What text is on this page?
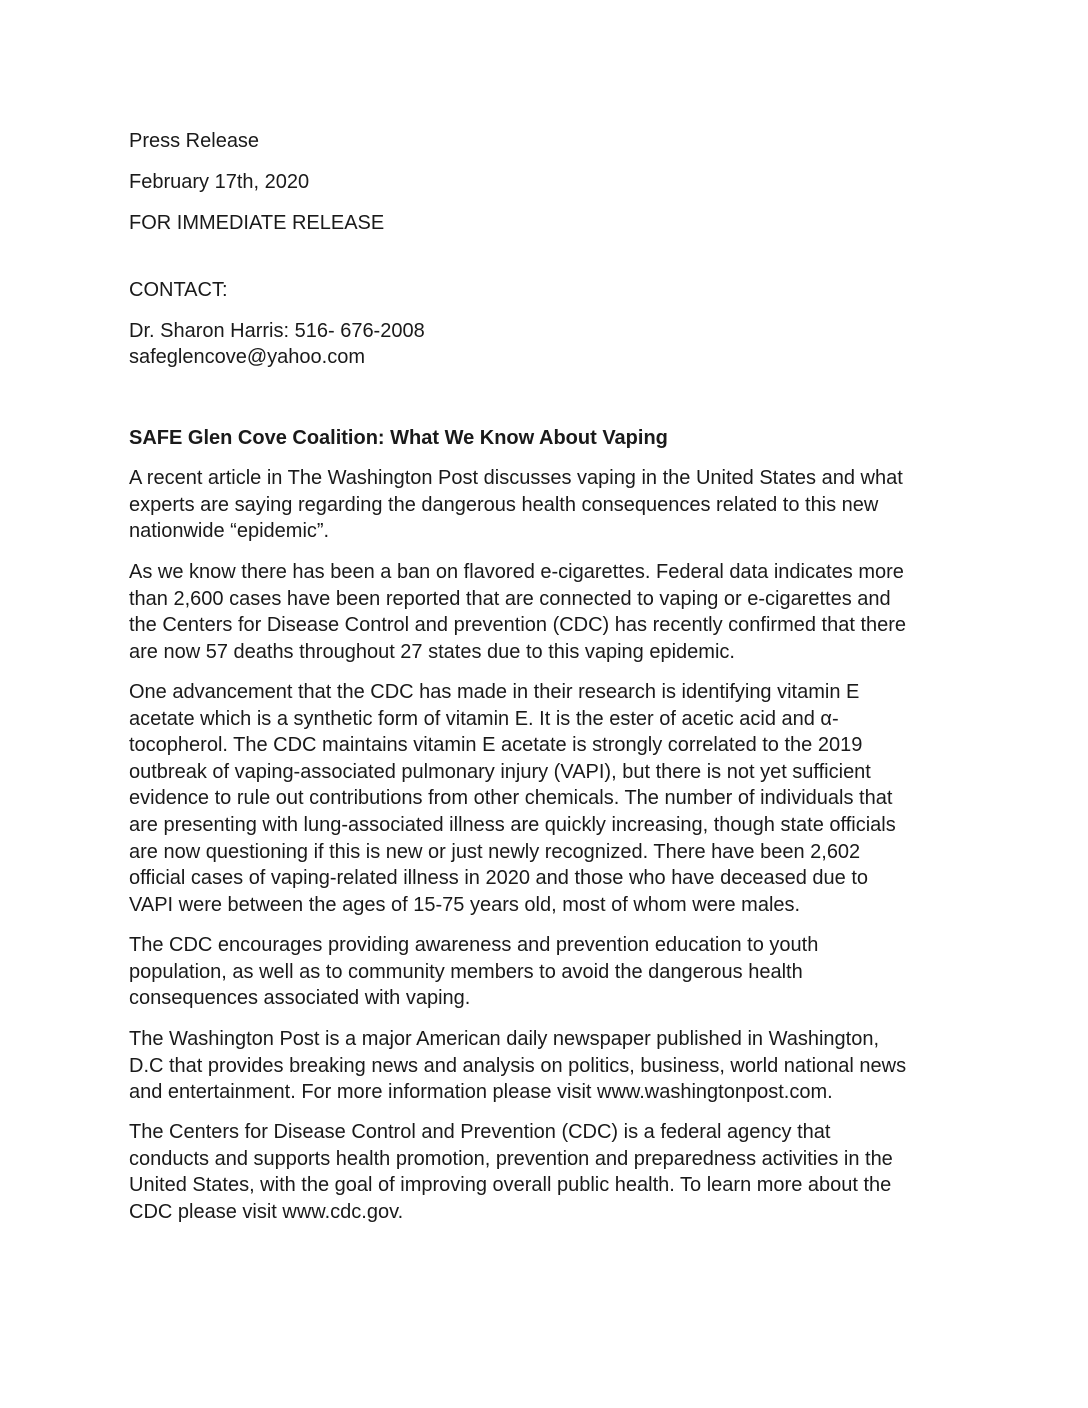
Press Release

February 17th, 2020

FOR IMMEDIATE RELEASE

CONTACT:

Dr. Sharon Harris: 516- 676-2008

safeglencove@yahoo.com

SAFE Glen Cove Coalition: What We Know About Vaping

A recent article in The Washington Post discusses vaping in the United States and what
experts are saying regarding the dangerous health consequences related to this new
nationwide “epidemic”.
As we know there has been a ban on flavored e-cigarettes. Federal data indicates more
than 2,600 cases have been reported that are connected to vaping or e-cigarettes and
the Centers for Disease Control and prevention (CDC) has recently confirmed that there
are now 57 deaths throughout 27 states due to this vaping epidemic.
One advancement that the CDC has made in their research is identifying vitamin E
acetate which is a synthetic form of vitamin E. It is the ester of acetic acid and α-
tocopherol. The CDC maintains vitamin E acetate is strongly correlated to the 2019
outbreak of vaping-associated pulmonary injury (VAPI), but there is not yet sufficient
evidence to rule out contributions from other chemicals. The number of individuals that
are presenting with lung-associated illness are quickly increasing, though state officials
are now questioning if this is new or just newly recognized. There have been 2,602
official cases of vaping-related illness in 2020 and those who have deceased due to
VAPI were between the ages of 15-75 years old, most of whom were males.
The CDC encourages providing awareness and prevention education to youth
population, as well as to community members to avoid the dangerous health
consequences associated with vaping.
The Washington Post is a major American daily newspaper published in Washington,
D.C that provides breaking news and analysis on politics, business, world national news
and entertainment. For more information please visit www.washingtonpost.com.
The Centers for Disease Control and Prevention (CDC) is a federal agency that
conducts and supports health promotion, prevention and preparedness activities in the
United States, with the goal of improving overall public health. To learn more about the
CDC please visit www.cdc.gov.
